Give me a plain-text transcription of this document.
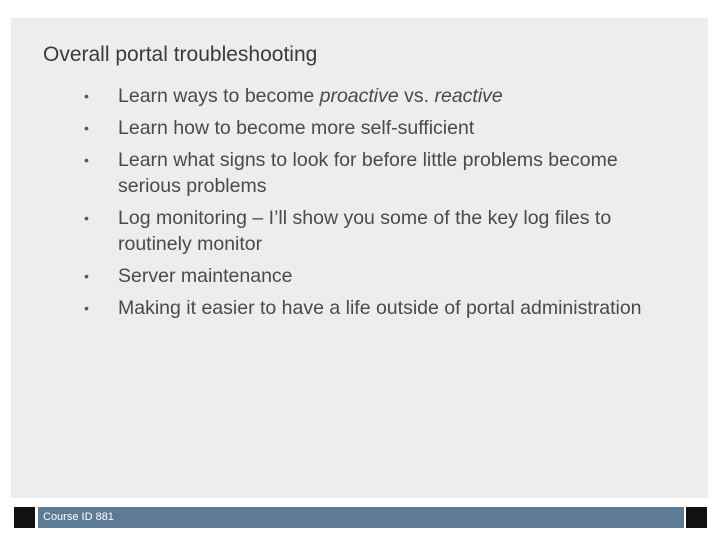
Overall portal troubleshooting
• Learn ways to become proactive vs. reactive
• Learn how to become more self-sufficient
• Learn what signs to look for before little problems become serious problems
• Log monitoring – I’ll show you some of the key log files to routinely monitor
• Server maintenance
• Making it easier to have a life outside of portal administration
Course ID 881
